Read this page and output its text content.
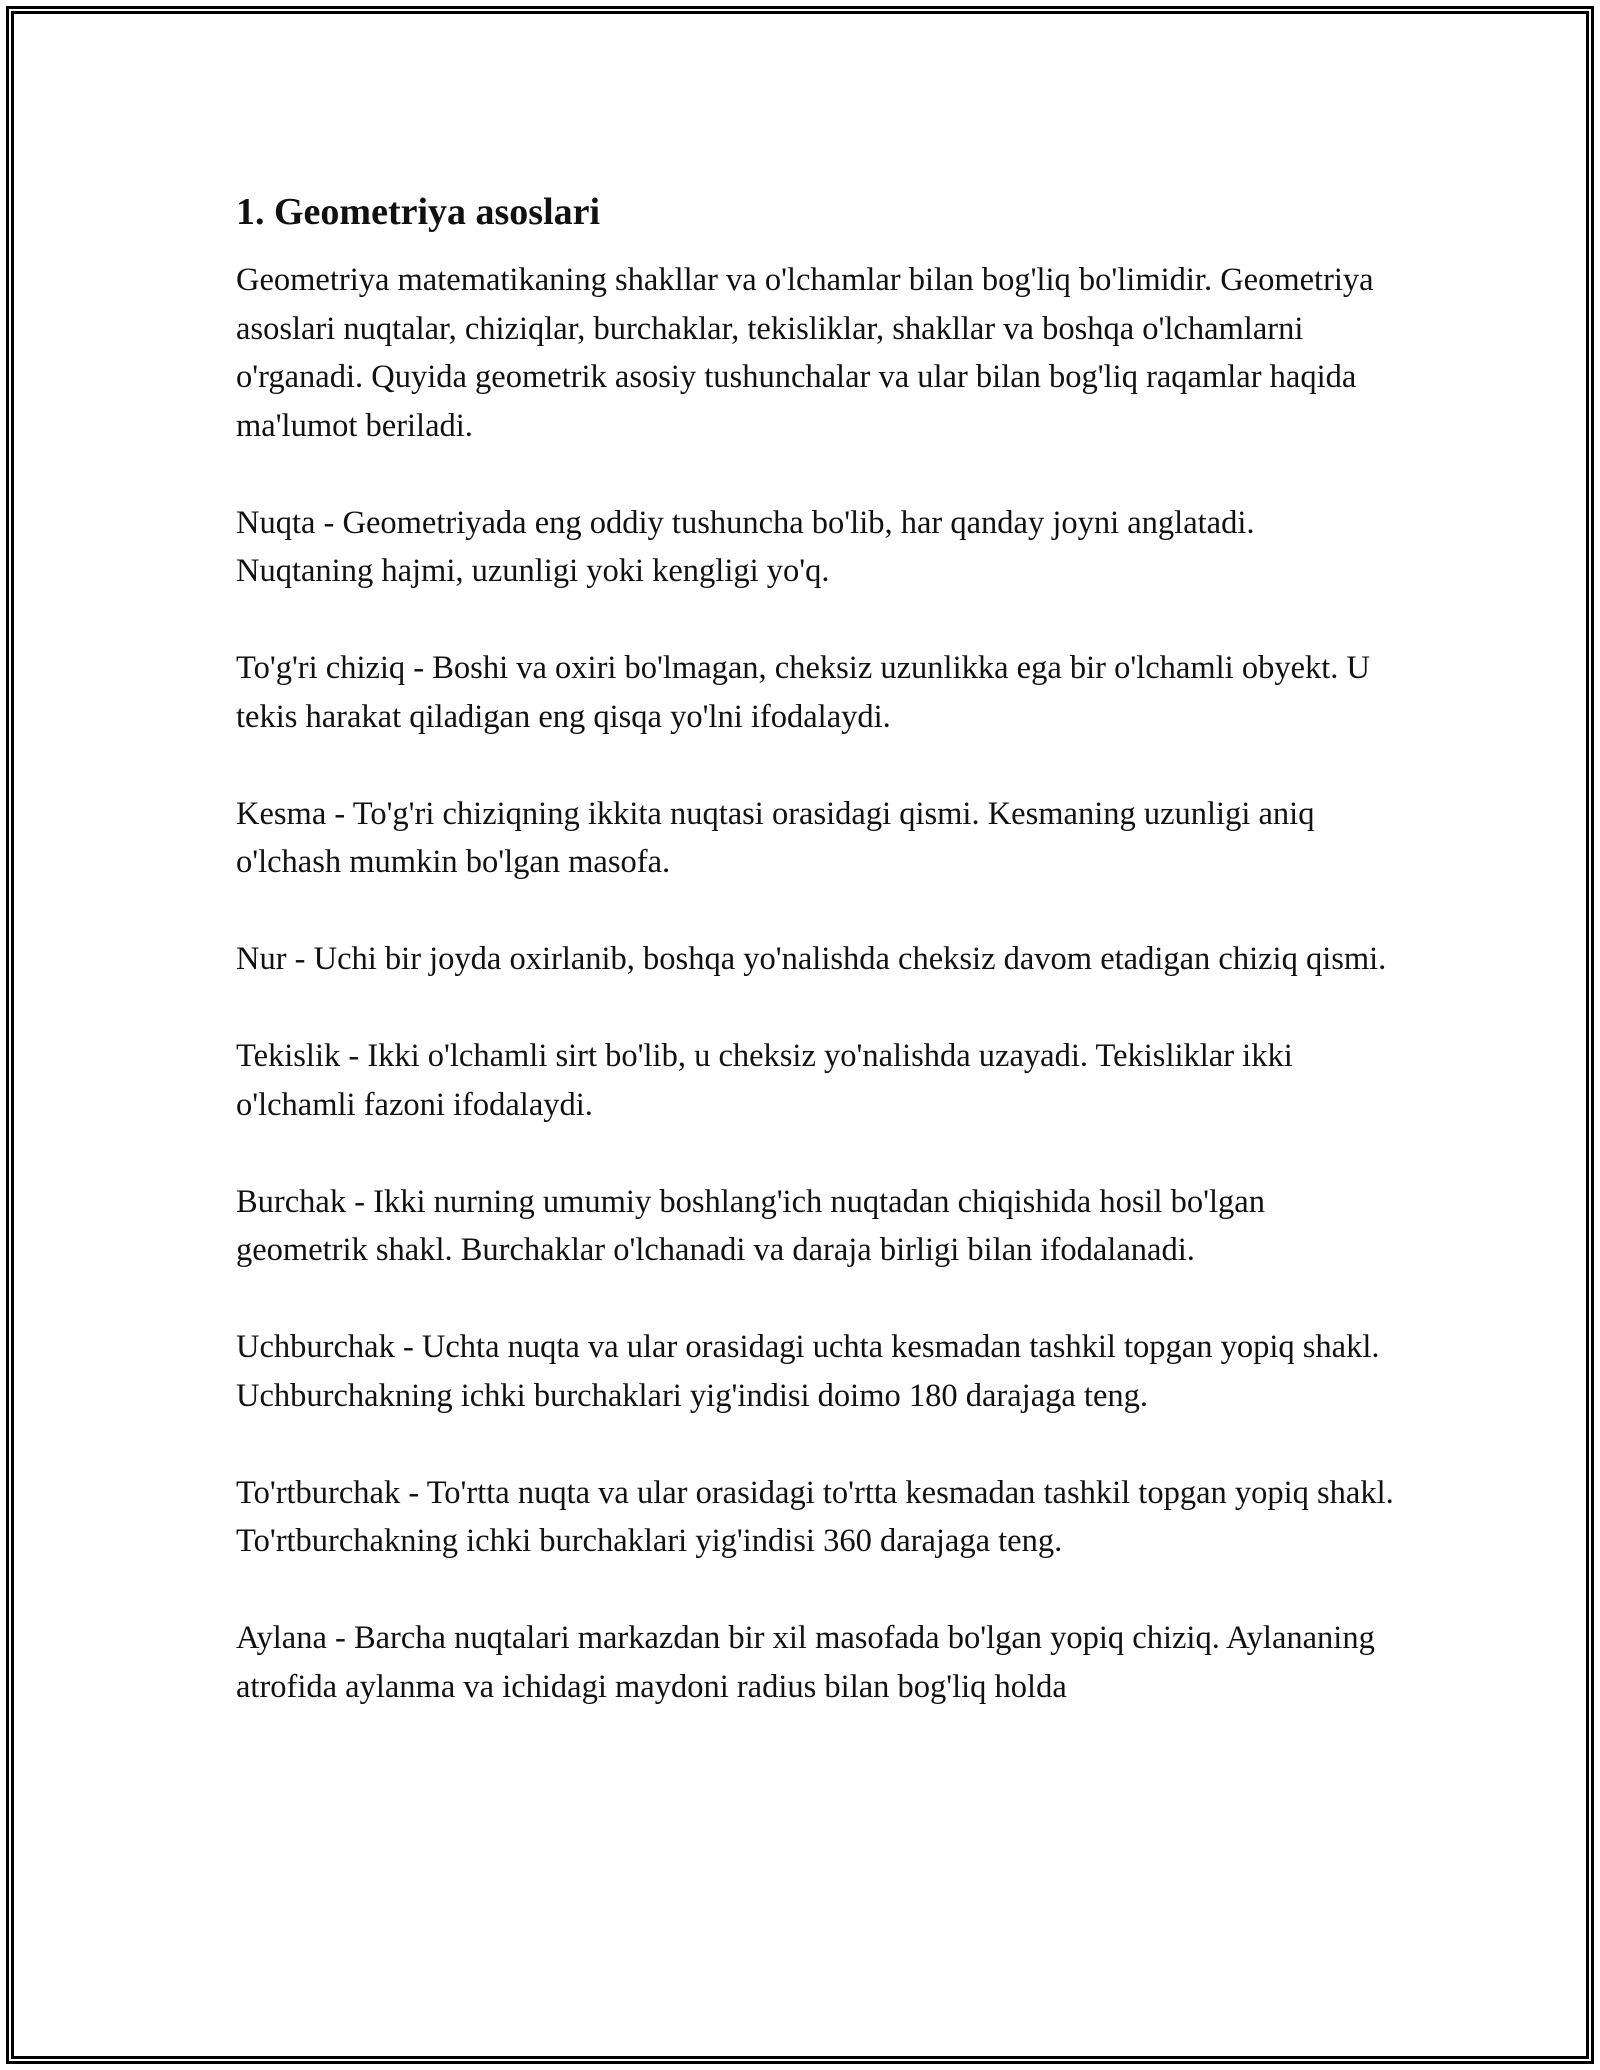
1. Geometriya asoslari

Geometriya matematikaning shakllar va o'lchamlar bilan bog'liq bo'limidir. Geometriya asoslari nuqtalar, chiziqlar, burchaklar, tekisliklar, shakllar va boshqa o'lchamlarni o'rganadi. Quyida geometrik asosiy tushunchalar va ular bilan bog'liq raqamlar haqida ma'lumot beriladi.

Nuqta - Geometriyada eng oddiy tushuncha bo'lib, har qanday joyni anglatadi. Nuqtaning hajmi, uzunligi yoki kengligi yo'q.

To'g'ri chiziq - Boshi va oxiri bo'lmagan, cheksiz uzunlikka ega bir o'lchamli obyekt. U tekis harakat qiladigan eng qisqa yo'lni ifodalaydi.

Kesma - To'g'ri chiziqning ikkita nuqtasi orasidagi qismi. Kesmaning uzunligi aniq o'lchash mumkin bo'lgan masofa.

Nur - Uchi bir joyda oxirlanib, boshqa yo'nalishda cheksiz davom etadigan chiziq qismi.

Tekislik - Ikki o'lchamli sirt bo'lib, u cheksiz yo'nalishda uzayadi. Tekisliklar ikki o'lchamli fazoni ifodalaydi.

Burchak - Ikki nurning umumiy boshlang'ich nuqtadan chiqishida hosil bo'lgan geometrik shakl. Burchaklar o'lchanadi va daraja birligi bilan ifodalanadi.

Uchburchak - Uchta nuqta va ular orasidagi uchta kesmadan tashkil topgan yopiq shakl. Uchburchakning ichki burchaklari yig'indisi doimo 180 darajaga teng.

To'rtburchak - To'rtta nuqta va ular orasidagi to'rtta kesmadan tashkil topgan yopiq shakl. To'rtburchakning ichki burchaklari yig'indisi 360 darajaga teng.

Aylana - Barcha nuqtalari markazdan bir xil masofada bo'lgan yopiq chiziq. Aylananing atrofida aylanma va ichidagi maydoni radius bilan bog'liq holda
